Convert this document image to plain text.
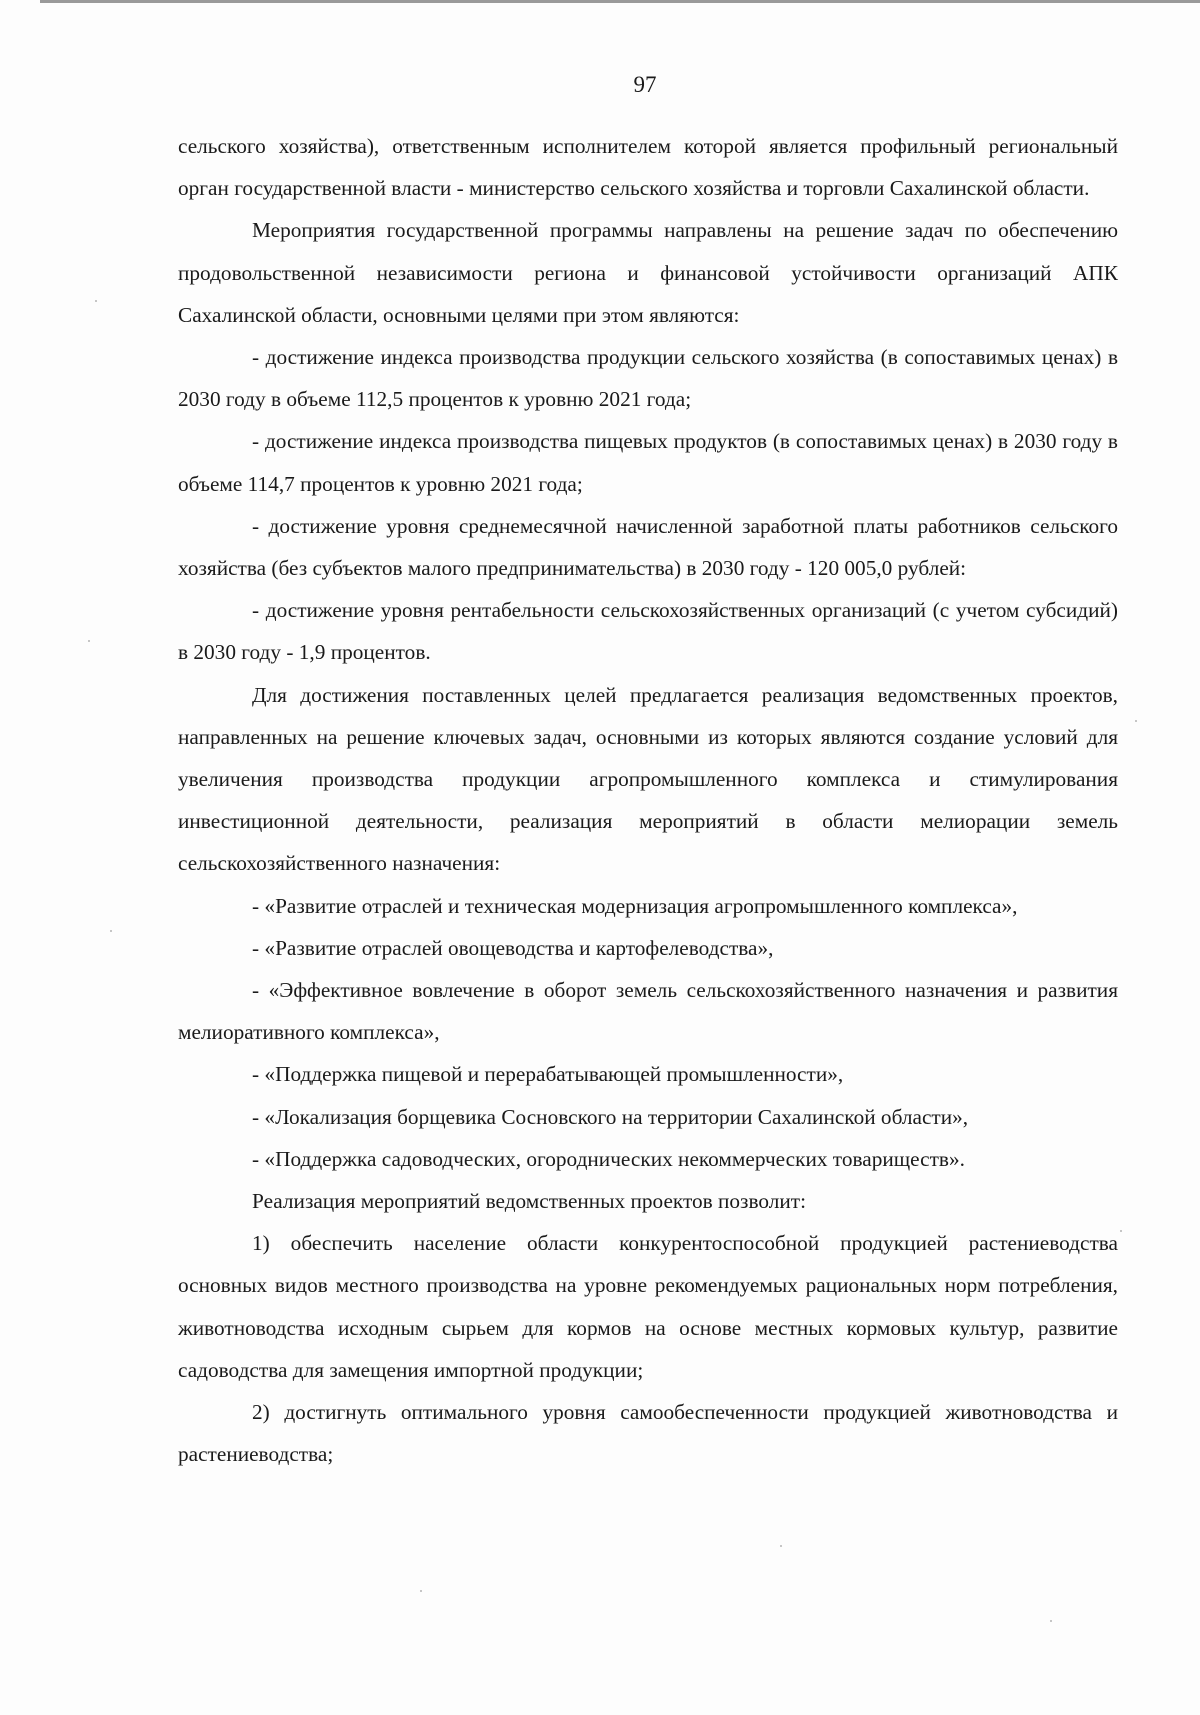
97

сельского хозяйства), ответственным исполнителем которой является профильный региональный орган государственной власти - министерство сельского хозяйства и торговли Сахалинской области.

Мероприятия государственной программы направлены на решение задач по обеспечению продовольственной независимости региона и финансовой устойчивости организаций АПК Сахалинской области, основными целями при этом являются:

- достижение индекса производства продукции сельского хозяйства (в сопоставимых ценах) в 2030 году в объеме 112,5 процентов к уровню 2021 года;

- достижение индекса производства пищевых продуктов (в сопоставимых ценах) в 2030 году в объеме 114,7 процентов к уровню 2021 года;

- достижение уровня среднемесячной начисленной заработной платы работников сельского хозяйства (без субъектов малого предпринимательства) в 2030 году - 120 005,0 рублей:

- достижение уровня рентабельности сельскохозяйственных организаций (с учетом субсидий) в 2030 году - 1,9 процентов.

Для достижения поставленных целей предлагается реализация ведомственных проектов, направленных на решение ключевых задач, основными из которых являются создание условий для увеличения производства продукции агропромышленного комплекса и стимулирования инвестиционной деятельности, реализация мероприятий в области мелиорации земель сельскохозяйственного назначения:

- «Развитие отраслей и техническая модернизация агропромышленного комплекса»,

- «Развитие отраслей овощеводства и картофелеводства»,

- «Эффективное вовлечение в оборот земель сельскохозяйственного назначения и развития мелиоративного комплекса»,

- «Поддержка пищевой и перерабатывающей промышленности»,

- «Локализация борщевика Сосновского на территории Сахалинской области»,

- «Поддержка садоводческих, огороднических некоммерческих товариществ».

Реализация мероприятий ведомственных проектов позволит:

1) обеспечить население области конкурентоспособной продукцией растениеводства основных видов местного производства на уровне рекомендуемых рациональных норм потребления, животноводства исходным сырьем для кормов на основе местных кормовых культур, развитие садоводства для замещения импортной продукции;

2) достигнуть оптимального уровня самообеспеченности продукцией животноводства и растениеводства;
